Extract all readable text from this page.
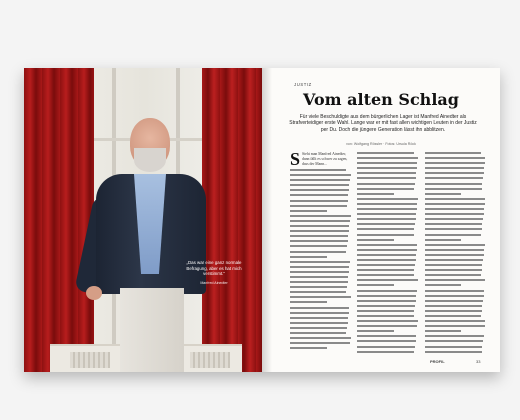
„Das war eine ganz normale Befragung, aber es hat mich verstimmt.“
Manfred Ainedter
JUSTIZ
Vom alten Schlag
Für viele Beschuldigte aus dem bürgerlichen Lager ist Manfred Ainedter als Strafverteidiger erste Wahl. Lange war er mit fast allen wichtigen Leuten in der Justiz per Du. Doch die jüngere Generation lässt ihn abblitzen.
von: Wolfgang Rössler · Fotos: Ursula Röck
S Sieht man Manfred Ainedter, dann fällt es schwer zu sagen, dass der Mann...
PROFIL	33
